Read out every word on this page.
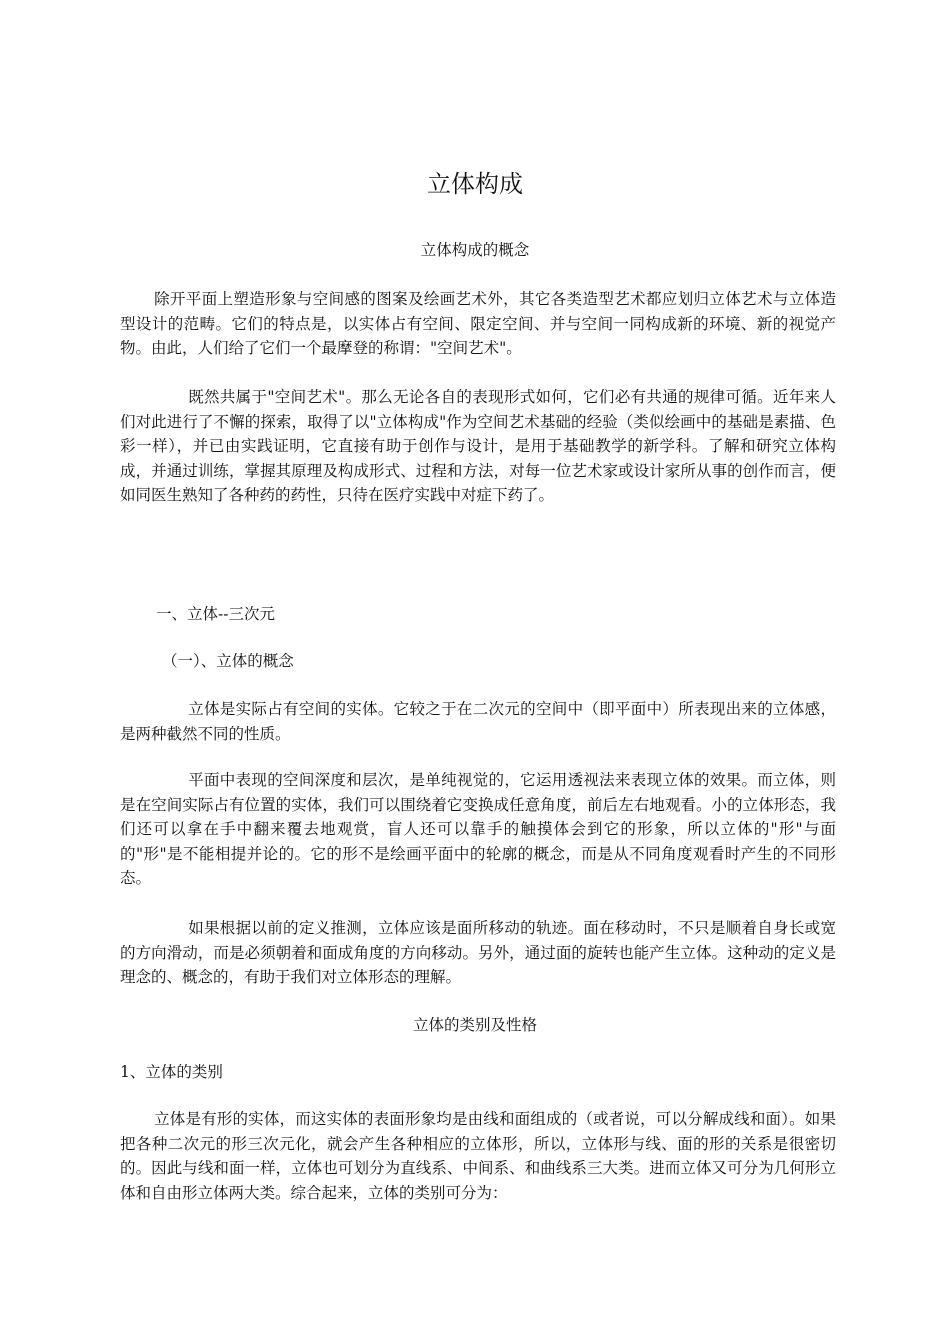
立体构成
立体构成的概念

除开平面上塑造形象与空间感的图案及绘画艺术外，其它各类造型艺术都应划归立体艺术与立体造型设计的范畴。它们的特点是，以实体占有空间、限定空间、并与空间一同构成新的环境、新的视觉产物。由此，人们给了它们一个最摩登的称谓："空间艺术"。

既然共属于"空间艺术"。那么无论各自的表现形式如何，它们必有共通的规律可循。近年来人们对此进行了不懈的探索，取得了以"立体构成"作为空间艺术基础的经验（类似绘画中的基础是素描、色彩一样），并已由实践证明，它直接有助于创作与设计，是用于基础教学的新学科。了解和研究立体构成，并通过训练，掌握其原理及构成形式、过程和方法，对每一位艺术家或设计家所从事的创作而言，便如同医生熟知了各种药的药性，只待在医疗实践中对症下药了。

一、立体--三次元

（一）、立体的概念

立体是实际占有空间的实体。它较之于在二次元的空间中（即平面中）所表现出来的立体感，是两种截然不同的性质。

平面中表现的空间深度和层次，是单纯视觉的，它运用透视法来表现立体的效果。而立体，则是在空间实际占有位置的实体，我们可以围绕着它变换成任意角度，前后左右地观看。小的立体形态，我们还可以拿在手中翻来覆去地观赏，盲人还可以靠手的触摸体会到它的形象，所以立体的"形"与面的"形"是不能相提并论的。它的形不是绘画平面中的轮廓的概念，而是从不同角度观看时产生的不同形态。

如果根据以前的定义推测，立体应该是面所移动的轨迹。面在移动时，不只是顺着自身长或宽的方向滑动，而是必须朝着和面成角度的方向移动。另外，通过面的旋转也能产生立体。这种动的定义是理念的、概念的，有助于我们对立体形态的理解。

立体的类别及性格

1、立体的类别

立体是有形的实体，而这实体的表面形象均是由线和面组成的（或者说，可以分解成线和面）。如果把各种二次元的形三次元化，就会产生各种相应的立体形，所以，立体形与线、面的形的关系是很密切的。因此与线和面一样，立体也可划分为直线系、中间系、和曲线系三大类。进而立体又可分为几何形立体和自由形立体两大类。综合起来，立体的类别可分为：
